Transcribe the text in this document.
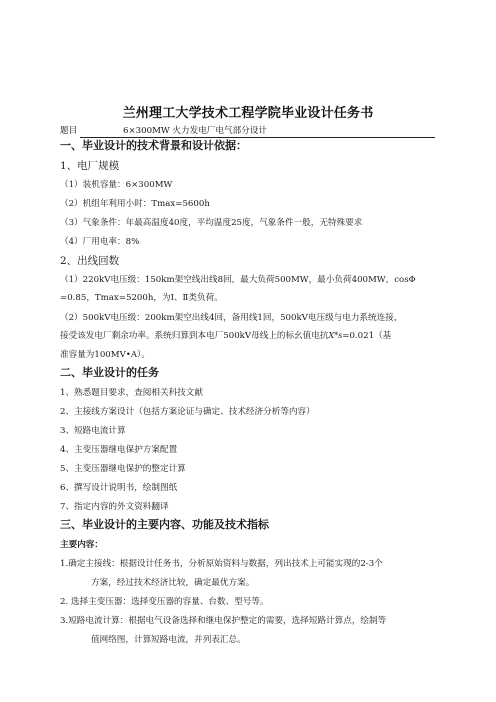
兰州理工大学技术工程学院毕业设计任务书
题目	6×300MW 火力发电厂电气部分设计
一、毕业设计的技术背景和设计依据：
1、电厂规模
（1）装机容量：6×300MW
（2）机组年利用小时：Tmax=5600h
（3）气象条件：年最高温度40度，平均温度25度，气象条件一般，无特殊要求
（4）厂用电率：8%
2、出线回数
（1）220kV电压级：150km架空线出线8回，最大负荷500MW，最小负荷400MW，cosΦ
=0.85，Tmax=5200h，为Ⅰ、Ⅱ类负荷。
（2）500kV电压级：200km架空出线4回，备用线1回，500kV电压级与电力系统连接，
接受该发电厂剩余功率。系统归算到本电厂500kV母线上的标幺值电抗X*s=0.021（基
准容量为100MV•A）。
二、毕业设计的任务
1、熟悉题目要求，查阅相关科技文献
2、主接线方案设计（包括方案论证与确定、技术经济分析等内容）
3、短路电流计算
4、主变压器继电保护方案配置
5、主变压器继电保护的整定计算
6、撰写设计说明书，绘制图纸
7、指定内容的外文资料翻译
三、毕业设计的主要内容、功能及技术指标
主要内容：
1.确定主接线：根据设计任务书，分析原始资料与数据，列出技术上可能实现的2-3个
方案，经过技术经济比较，确定最优方案。
2. 选择主变压器：选择变压器的容量、台数、型号等。
3.短路电流计算：根据电气设备选择和继电保护整定的需要，选择短路计算点，绘制等
值网络图，计算短路电流，并列表汇总。
